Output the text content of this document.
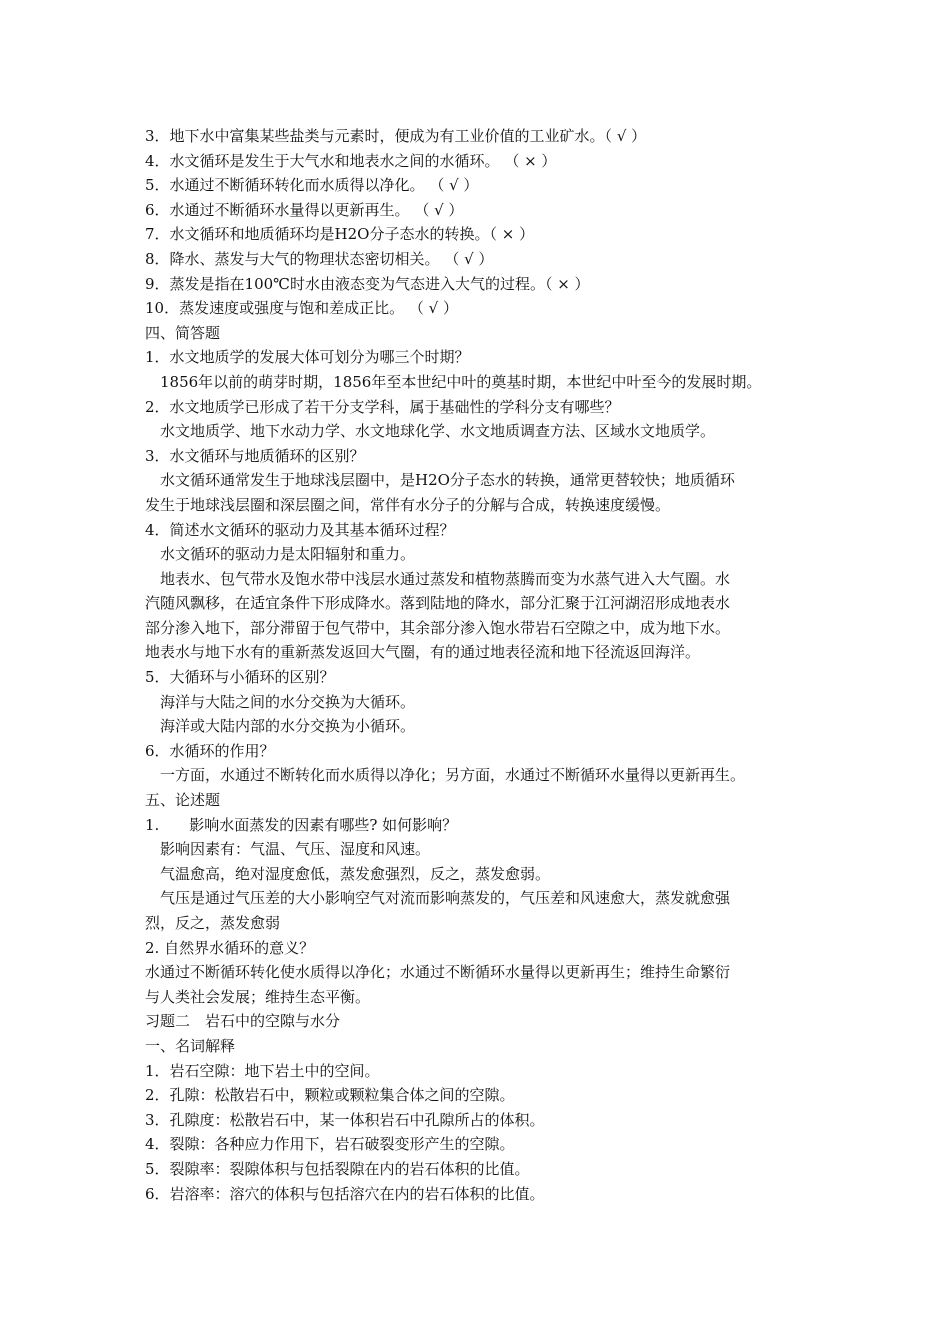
3．地下水中富集某些盐类与元素时，便成为有工业价值的工业矿水。（ √ ）
4．水文循环是发生于大气水和地表水之间的水循环。 （ × ）
5．水通过不断循环转化而水质得以净化。 （ √ ）
6．水通过不断循环水量得以更新再生。 （ √ ）
7．水文循环和地质循环均是H2O分子态水的转换。（ × ）
8．降水、蒸发与大气的物理状态密切相关。 （ √ ）
9．蒸发是指在100℃时水由液态变为气态进入大气的过程。（ × ）
10．蒸发速度或强度与饱和差成正比。 （ √ ）
四、简答题
1．水文地质学的发展大体可划分为哪三个时期？
1856年以前的萌芽时期，1856年至本世纪中叶的奠基时期，本世纪中叶至今的发展时期。
2．水文地质学已形成了若干分支学科，属于基础性的学科分支有哪些？
水文地质学、地下水动力学、水文地球化学、水文地质调查方法、区域水文地质学。
3．水文循环与地质循环的区别？
水文循环通常发生于地球浅层圈中，是H2O分子态水的转换，通常更替较快；地质循环
发生于地球浅层圈和深层圈之间，常伴有水分子的分解与合成，转换速度缓慢。
4．简述水文循环的驱动力及其基本循环过程？
水文循环的驱动力是太阳辐射和重力。
地表水、包气带水及饱水带中浅层水通过蒸发和植物蒸腾而变为水蒸气进入大气圈。水
汽随风飘移，在适宜条件下形成降水。落到陆地的降水，部分汇聚于江河湖沼形成地表水
部分渗入地下，部分滞留于包气带中，其余部分渗入饱水带岩石空隙之中，成为地下水。
地表水与地下水有的重新蒸发返回大气圈，有的通过地表径流和地下径流返回海洋。
5．大循环与小循环的区别？
海洋与大陆之间的水分交换为大循环。
海洋或大陆内部的水分交换为小循环。
6．水循环的作用？
一方面，水通过不断转化而水质得以净化；另方面，水通过不断循环水量得以更新再生。
五、论述题
1.　　影响水面蒸发的因素有哪些? 如何影响？
影响因素有：气温、气压、湿度和风速。
气温愈高，绝对湿度愈低，蒸发愈强烈，反之，蒸发愈弱。
气压是通过气压差的大小影响空气对流而影响蒸发的，气压差和风速愈大，蒸发就愈强
烈，反之，蒸发愈弱
2. 自然界水循环的意义？
水通过不断循环转化使水质得以净化；水通过不断循环水量得以更新再生；维持生命繁衍
与人类社会发展；维持生态平衡。
习题二　岩石中的空隙与水分
一、名词解释
1．岩石空隙：地下岩土中的空间。
2．孔隙：松散岩石中，颗粒或颗粒集合体之间的空隙。
3．孔隙度：松散岩石中，某一体积岩石中孔隙所占的体积。
4．裂隙：各种应力作用下，岩石破裂变形产生的空隙。
5．裂隙率：裂隙体积与包括裂隙在内的岩石体积的比值。
6．岩溶率：溶穴的体积与包括溶穴在内的岩石体积的比值。
